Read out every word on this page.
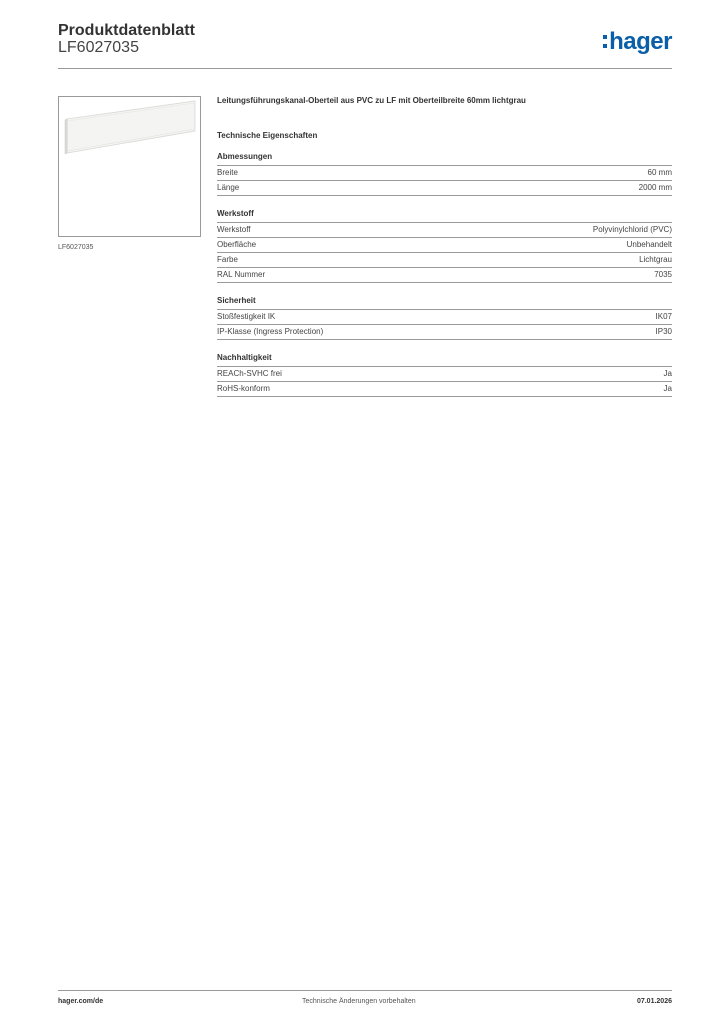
Produktdatenblatt
LF6027035	hager
LF6027035
Leitungsführungskanal-Oberteil aus PVC zu LF mit Oberteilbreite 60mm lichtgrau
Technische Eigenschaften
Abmessungen
Breite	60 mm
Länge	2000 mm
Werkstoff
Werkstoff	Polyvinylchlorid (PVC)
Oberfläche	Unbehandelt
Farbe	Lichtgrau
RAL Nummer	7035
Sicherheit
Stoßfestigkeit IK	IK07
IP-Klasse (Ingress Protection)	IP30
Nachhaltigkeit
REACh-SVHC frei	Ja
RoHS-konform	Ja
hager.com/de	Technische Änderungen vorbehalten	07.01.2026
